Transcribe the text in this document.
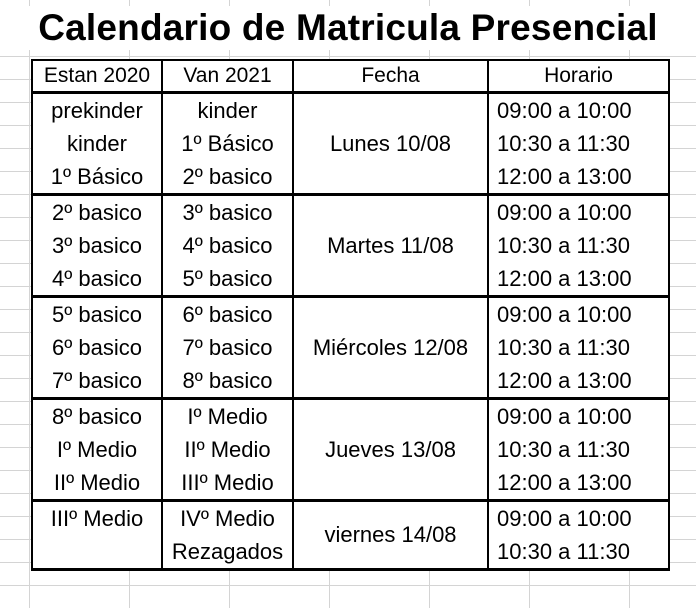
Calendario de Matricula Presencial
Estan 2020	Van 2021	Fecha	Horario
prekinder	kinder	Lunes 10/08	09:00 a 10:00
kinder	1º Básico		10:30 a 11:30
1º Básico	2º basico		12:00 a 13:00
2º basico	3º basico	Martes 11/08	09:00 a 10:00
3º basico	4º basico		10:30 a 11:30
4º basico	5º basico		12:00 a 13:00
5º basico	6º basico	Miércoles 12/08	09:00 a 10:00
6º basico	7º basico		10:30 a 11:30
7º basico	8º basico		12:00 a 13:00
8º basico	Iº Medio	Jueves 13/08	09:00 a 10:00
Iº Medio	IIº Medio		10:30 a 11:30
IIº Medio	IIIº Medio		12:00 a 13:00
IIIº Medio	IVº Medio	viernes 14/08	09:00 a 10:00
	Rezagados		10:30 a 11:30
